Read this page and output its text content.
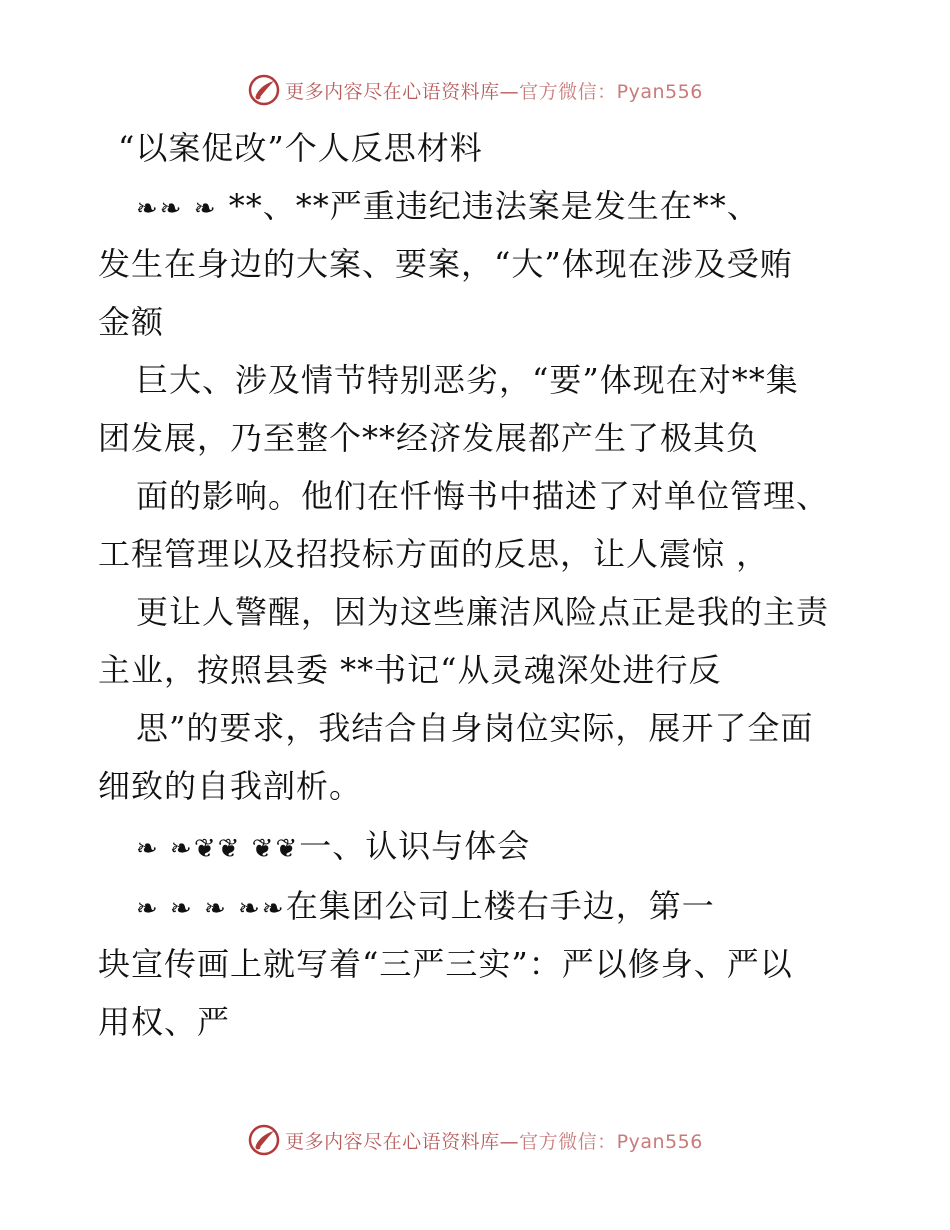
更多内容尽在心语资料库—官方微信：Pyan556
“以案促改”个人反思材料
❧❧ ❧ **、**严重违纪违法案是发生在**、
发生在身边的大案、要案，“大”体现在涉及受贿
金额
巨大、涉及情节特别恶劣，“要”体现在对**集
团发展，乃至整个**经济发展都产生了极其负
面的影响。他们在忏悔书中描述了对单位管理、
工程管理以及招投标方面的反思，让人震惊 ，
更让人警醒，因为这些廉洁风险点正是我的主责
主业，按照县委 **书记“从灵魂深处进行反
思”的要求，我结合自身岗位实际，展开了全面
细致的自我剖析。
❧ ❧❦❦ ❦❦一、认识与体会
❧ ❧ ❧ ❧❧在集团公司上楼右手边，第一
块宣传画上就写着“三严三实”：严以修身、严以
用权、严
更多内容尽在心语资料库—官方微信：Pyan556
